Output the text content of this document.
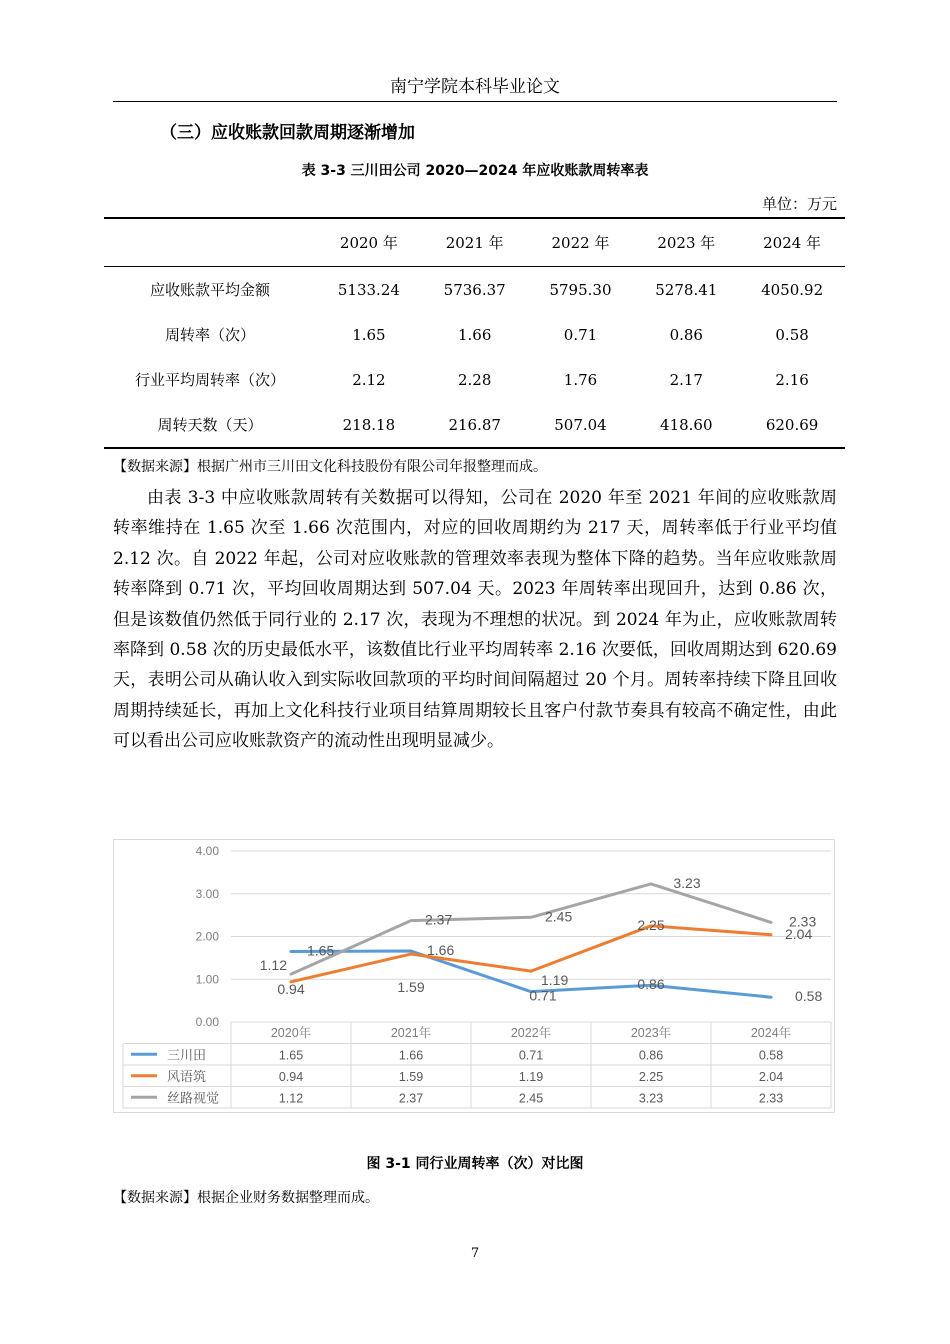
南宁学院本科毕业论文
（三）应收账款回款周期逐渐增加
表 3-3 三川田公司 2020—2024 年应收账款周转率表
单位：万元
	2020 年	2021 年	2022 年	2023 年	2024 年
应收账款平均金额	5133.24	5736.37	5795.30	5278.41	4050.92
周转率（次）	1.65	1.66	0.71	0.86	0.58
行业平均周转率（次）	2.12	2.28	1.76	2.17	2.16
周转天数（天）	218.18	216.87	507.04	418.60	620.69
【数据来源】根据广州市三川田文化科技股份有限公司年报整理而成。

由表 3-3 中应收账款周转有关数据可以得知，公司在 2020 年至 2021 年间的应收账款周转率维持在 1.65 次至 1.66 次范围内，对应的回收周期约为 217 天，周转率低于行业平均值 2.12 次。自 2022 年起，公司对应收账款的管理效率表现为整体下降的趋势。当年应收账款周转率降到 0.71 次，平均回收周期达到 507.04 天。2023 年周转率出现回升，达到 0.86 次，但是该数值仍然低于同行业的 2.17 次，表现为不理想的状况。到 2024 年为止，应收账款周转率降到 0.58 次的历史最低水平，该数值比行业平均周转率 2.16 次要低，回收周期达到 620.69 天，表明公司从确认收入到实际收回款项的平均时间间隔超过 20 个月。周转率持续下降且回收周期持续延长，再加上文化科技行业项目结算周期较长且客户付款节奏具有较高不确定性，由此可以看出公司应收账款资产的流动性出现明显减少。

0.00
1.00
2.00
3.00
4.00
2020年	2021年	2022年	2023年	2024年
1.65	1.66
0.71
0.86
0.58
0.94	1.59	1.19
2.25
2.04
1.12
2.37	2.45
3.23
2.33
三川田	1.65	1.66	0.71	0.86	0.58
风语筑	0.94	1.59	1.19	2.25	2.04
丝路视觉	1.12	2.37	2.45	3.23	2.33
图 3-1 同行业周转率（次）对比图
【数据来源】根据企业财务数据整理而成。
7
